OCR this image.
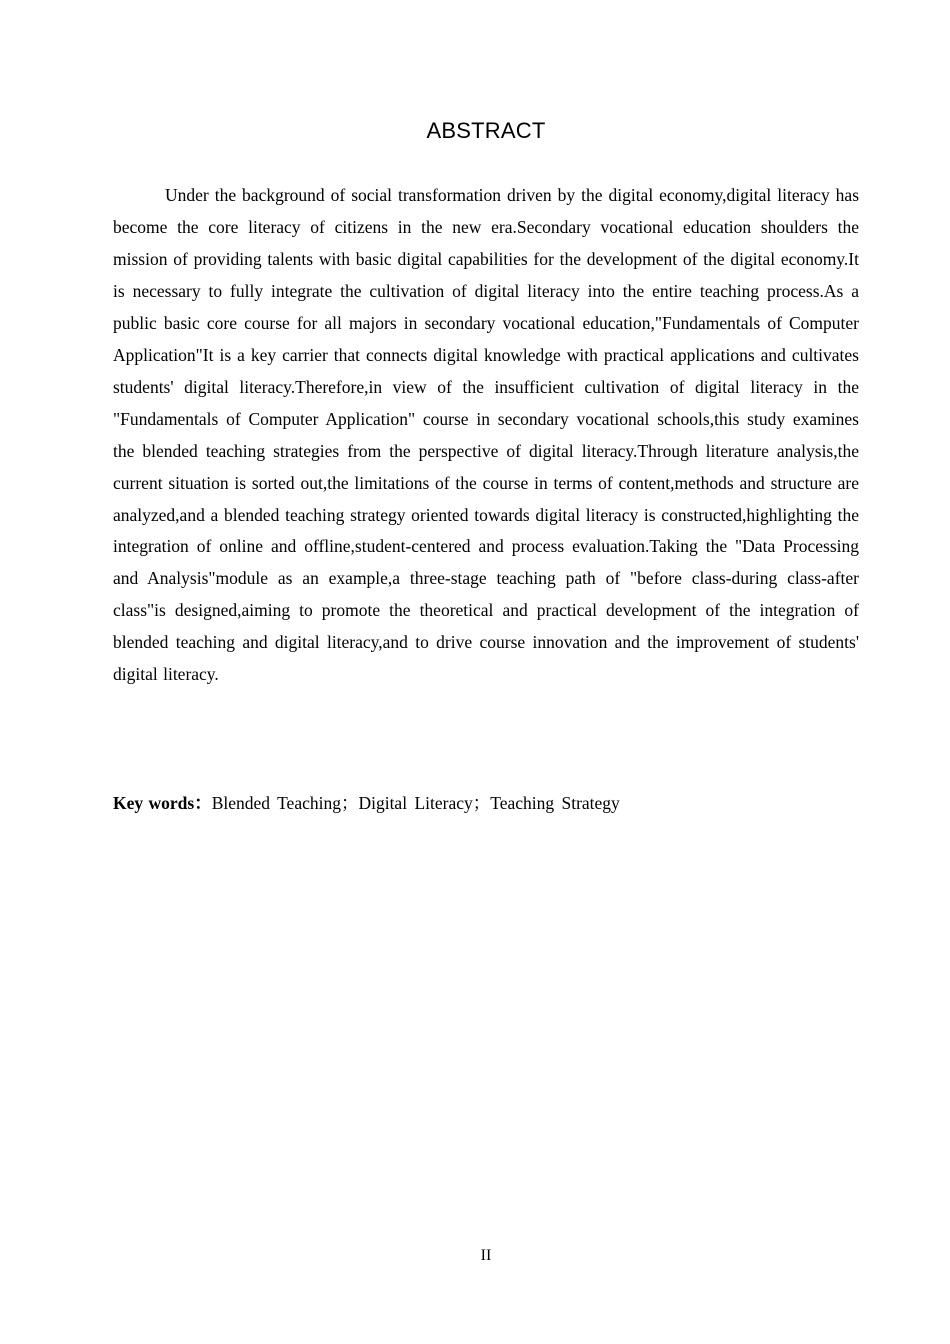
ABSTRACT

Under the background of social transformation driven by the digital economy,digital literacy has become the core literacy of citizens in the new era.Secondary vocational education shoulders the mission of providing talents with basic digital capabilities for the development of the digital economy.It is necessary to fully integrate the cultivation of digital literacy into the entire teaching process.As a public basic core course for all majors in secondary vocational education,"Fundamentals of Computer Application"It is a key carrier that connects digital knowledge with practical applications and cultivates students' digital literacy.Therefore,in view of the insufficient cultivation of digital literacy in the "Fundamentals of Computer Application" course in secondary vocational schools,this study examines the blended teaching strategies from the perspective of digital literacy.Through literature analysis,the current situation is sorted out,the limitations of the course in terms of content,methods and structure are analyzed,and a blended teaching strategy oriented towards digital literacy is constructed,highlighting the integration of online and offline,student-centered and process evaluation.Taking the "Data Processing and Analysis"module as an example,a three-stage teaching path of "before class-during class-after class"is designed,aiming to promote the theoretical and practical development of the integration of blended teaching and digital literacy,and to drive course innovation and the improvement of students' digital literacy.

Key words：Blended Teaching；Digital Literacy；Teaching Strategy

II
